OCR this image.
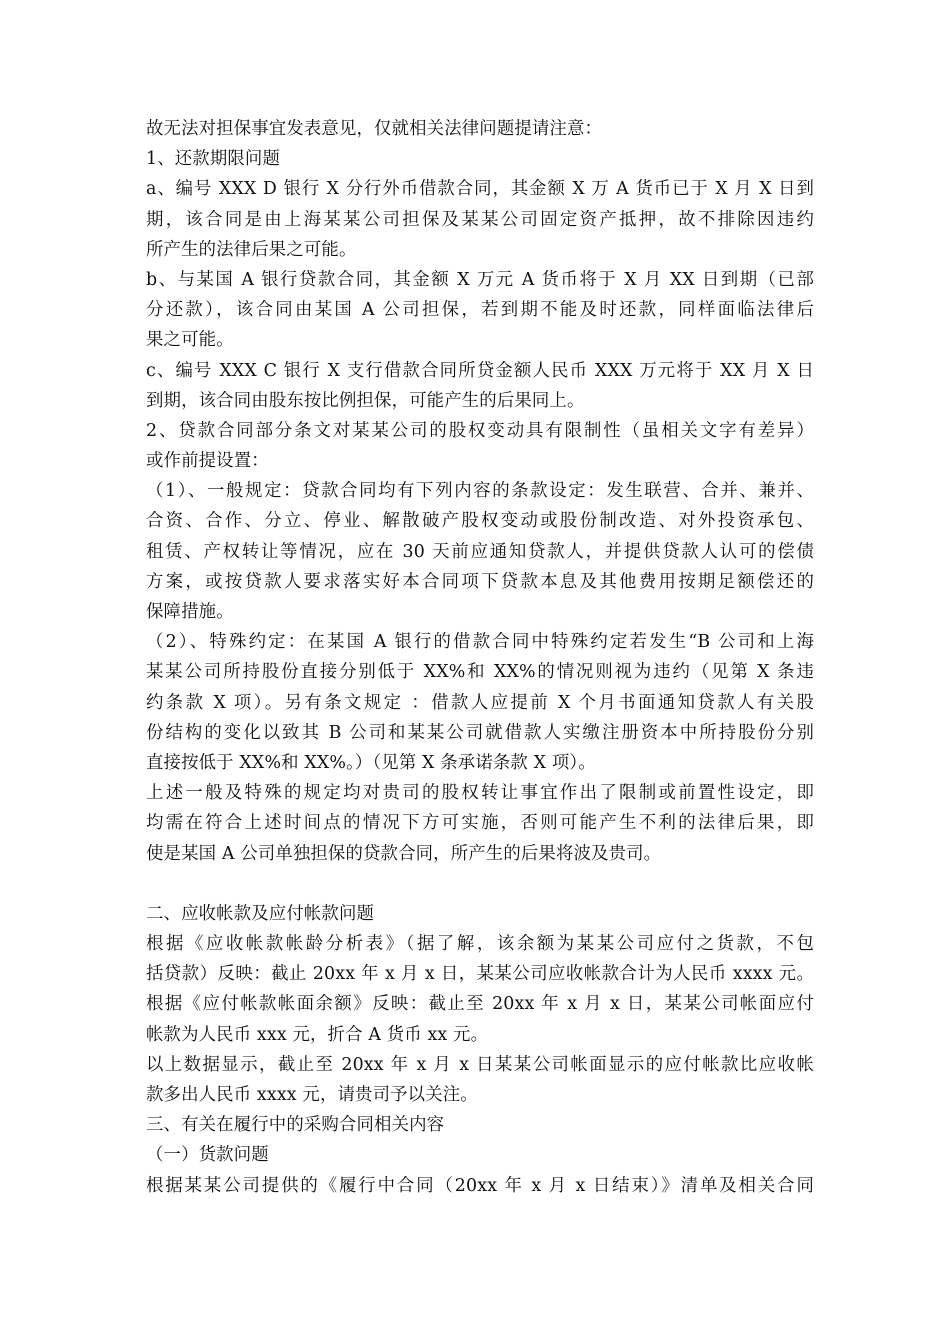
故无法对担保事宜发表意见，仅就相关法律问题提请注意：
1、还款期限问题
a、编号 XXX D 银行 X 分行外币借款合同，其金额 X 万 A 货币已于 X 月 X 日到
期，该合同是由上海某某公司担保及某某公司固定资产抵押，故不排除因违约
所产生的法律后果之可能。
b、与某国 A 银行贷款合同，其金额 X 万元 A 货币将于 X 月 XX 日到期（已部
分还款），该合同由某国 A 公司担保，若到期不能及时还款，同样面临法律后
果之可能。
c、编号 XXX C 银行 X 支行借款合同所贷金额人民币 XXX 万元将于 XX 月 X 日
到期，该合同由股东按比例担保，可能产生的后果同上。
2、贷款合同部分条文对某某公司的股权变动具有限制性（虽相关文字有差异）
或作前提设置：
（1）、一般规定：贷款合同均有下列内容的条款设定：发生联营、合并、兼并、
合资、合作、分立、停业、解散破产股权变动或股份制改造、对外投资承包、
租赁、产权转让等情况，应在 30 天前应通知贷款人，并提供贷款人认可的偿债
方案，或按贷款人要求落实好本合同项下贷款本息及其他费用按期足额偿还的
保障措施。
（2）、特殊约定：在某国 A 银行的借款合同中特殊约定若发生“B 公司和上海
某某公司所持股份直接分别低于 XX%和 XX%的情况则视为违约（见第 X 条违
约条款 X 项）。另有条文规定 ：借款人应提前 X 个月书面通知贷款人有关股
份结构的变化以致其 B 公司和某某公司就借款人实缴注册资本中所持股份分别
直接按低于 XX%和 XX%。）（见第 X 条承诺条款 X 项）。
上述一般及特殊的规定均对贵司的股权转让事宜作出了限制或前置性设定，即
均需在符合上述时间点的情况下方可实施，否则可能产生不利的法律后果，即
使是某国 A 公司单独担保的贷款合同，所产生的后果将波及贵司。
二、应收帐款及应付帐款问题
根据《应收帐款帐龄分析表》（据了解，该余额为某某公司应付之货款，不包
括贷款）反映：截止 20xx 年 x 月 x 日，某某公司应收帐款合计为人民币 xxxx 元。
根据《应付帐款帐面余额》反映：截止至 20xx 年 x 月 x 日，某某公司帐面应付
帐款为人民币 xxx 元，折合 A 货币 xx 元。
以上数据显示，截止至 20xx 年 x 月 x 日某某公司帐面显示的应付帐款比应收帐
款多出人民币 xxxx 元，请贵司予以关注。
三、有关在履行中的采购合同相关内容
（一）货款问题
根据某某公司提供的《履行中合同（20xx 年 x 月 x 日结束）》清单及相关合同
